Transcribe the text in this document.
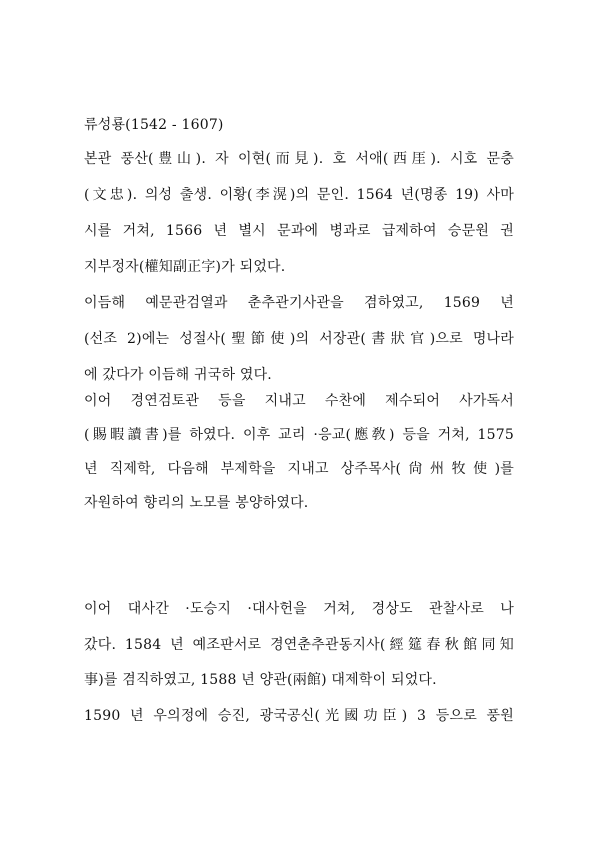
류성룡(1542 - 1607)
본관 풍산(豊山). 자 이현(而見). 호 서애(西厓). 시호 문충
(文忠). 의성 출생. 이황(李滉)의 문인. 1564 년(명종 19) 사마
시를 거쳐, 1566 년 별시 문과에 병과로 급제하여 승문원 권
지부정자(權知副正字)가 되었다.
이듬해 예문관검열과 춘추관기사관을 겸하였고, 1569 년
(선조 2)에는 성절사(聖節使)의 서장관(書狀官)으로 명나라
에 갔다가 이듬해 귀국하 였다.
이어 경연검토관 등을 지내고 수찬에 제수되어 사가독서
(賜暇讀書)를 하였다. 이후 교리 ·응교(應敎) 등을 거쳐, 1575
년 직제학, 다음해 부제학을 지내고 상주목사(尙州牧使)를
자원하여 향리의 노모를 봉양하였다.
이어 대사간 ·도승지 ·대사헌을 거쳐, 경상도 관찰사로 나
갔다. 1584 년 예조판서로 경연춘추관동지사(經筵春秋館同知
事)를 겸직하였고, 1588 년 양관(兩館) 대제학이 되었다.
1590 년 우의정에 승진, 광국공신(光國功臣) 3 등으로 풍원
